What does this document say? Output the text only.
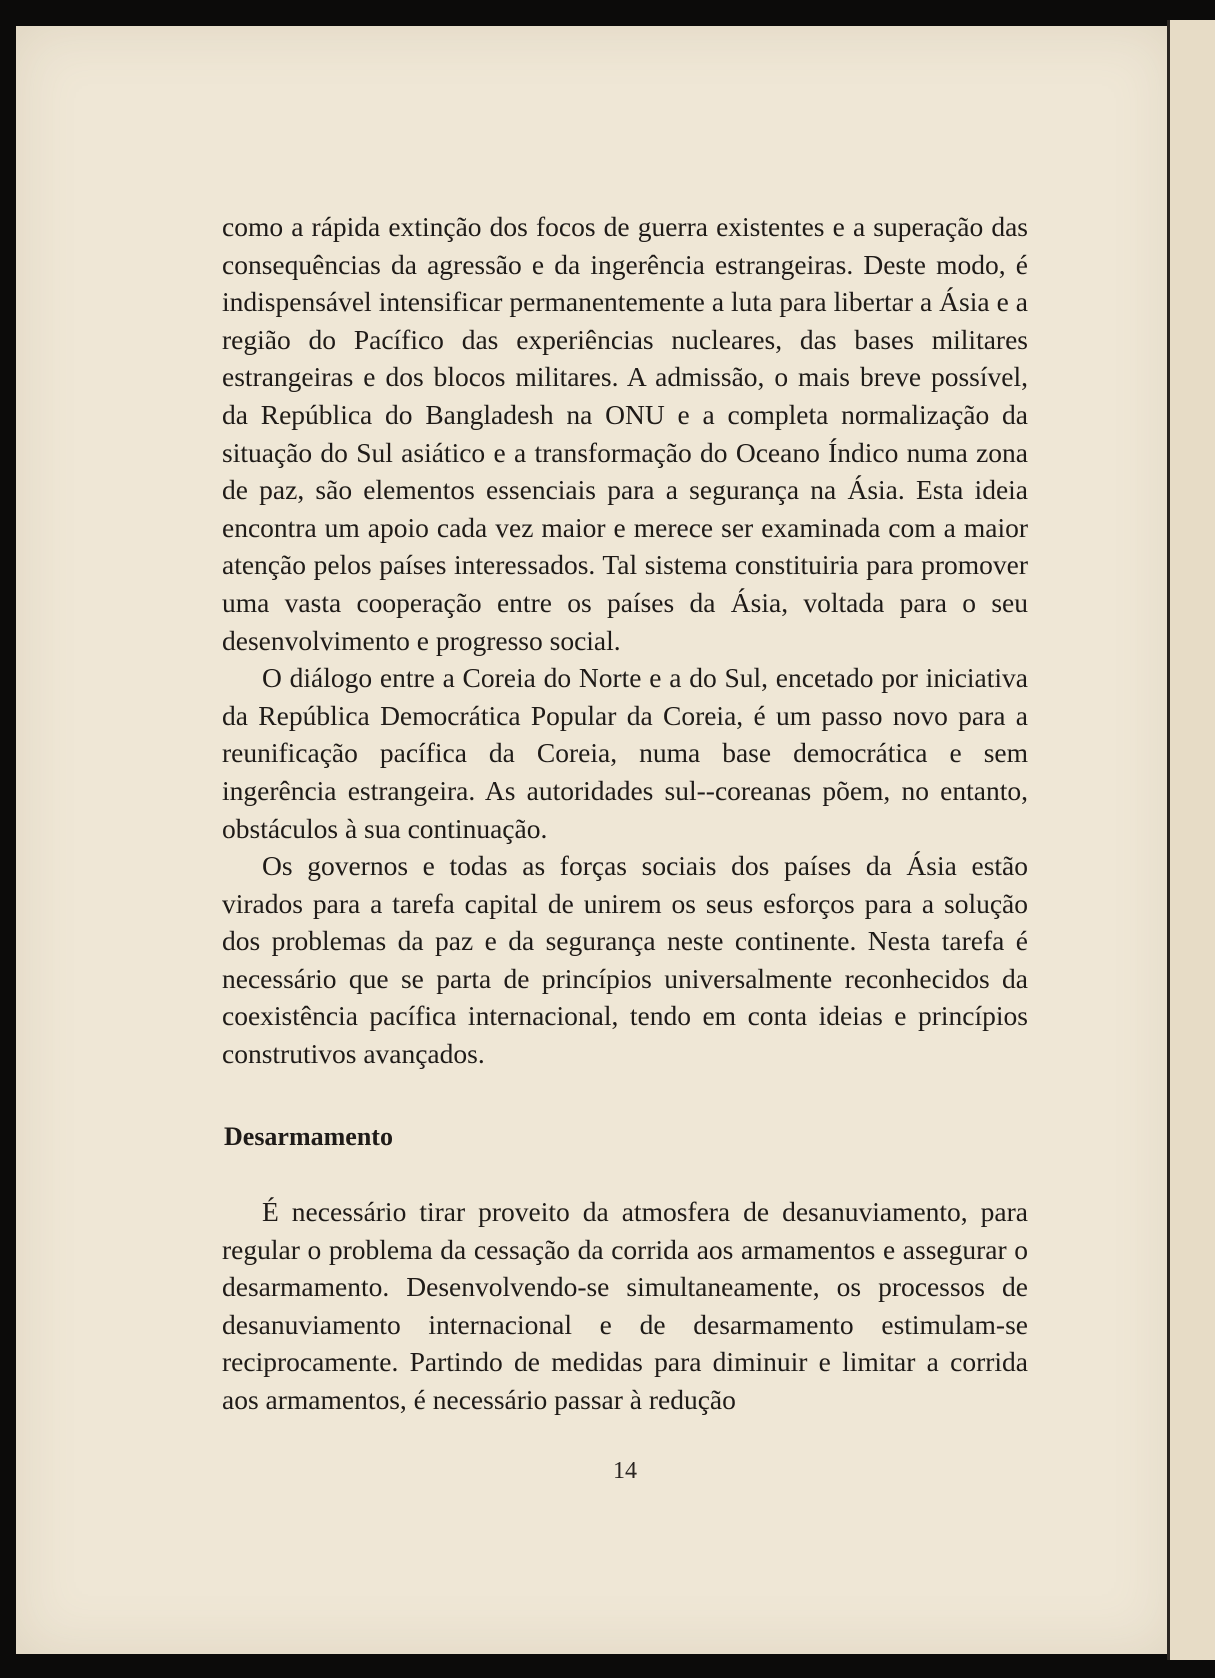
como a rápida extinção dos focos de guerra existentes e a superação das consequências da agressão e da ingerência estrangeiras. Deste modo, é indispensável intensificar permanentemente a luta para libertar a Ásia e a região do Pacífico das experiências nucleares, das bases militares estrangeiras e dos blocos militares. A admissão, o mais breve possível, da República do Bangladesh na ONU e a completa normalização da situação do Sul asiático e a transformação do Oceano Índico numa zona de paz, são elementos essenciais para a segurança na Ásia. Esta ideia encontra um apoio cada vez maior e merece ser examinada com a maior atenção pelos países interessados. Tal sistema constituiria para promover uma vasta cooperação entre os países da Ásia, voltada para o seu desenvolvimento e progresso social.

O diálogo entre a Coreia do Norte e a do Sul, encetado por iniciativa da República Democrática Popular da Coreia, é um passo novo para a reunificação pacífica da Coreia, numa base democrática e sem ingerência estrangeira. As autoridades sul--coreanas põem, no entanto, obstáculos à sua continuação.

Os governos e todas as forças sociais dos países da Ásia estão virados para a tarefa capital de unirem os seus esforços para a solução dos problemas da paz e da segurança neste continente. Nesta tarefa é necessário que se parta de princípios universalmente reconhecidos da coexistência pacífica internacional, tendo em conta ideias e princípios construtivos avançados.

Desarmamento

É necessário tirar proveito da atmosfera de desanuviamento, para regular o problema da cessação da corrida aos armamentos e assegurar o desarmamento. Desenvolvendo-se simultaneamente, os processos de desanuviamento internacional e de desarmamento estimulam-se reciprocamente. Partindo de medidas para diminuir e limitar a corrida aos armamentos, é necessário passar à redução

14
